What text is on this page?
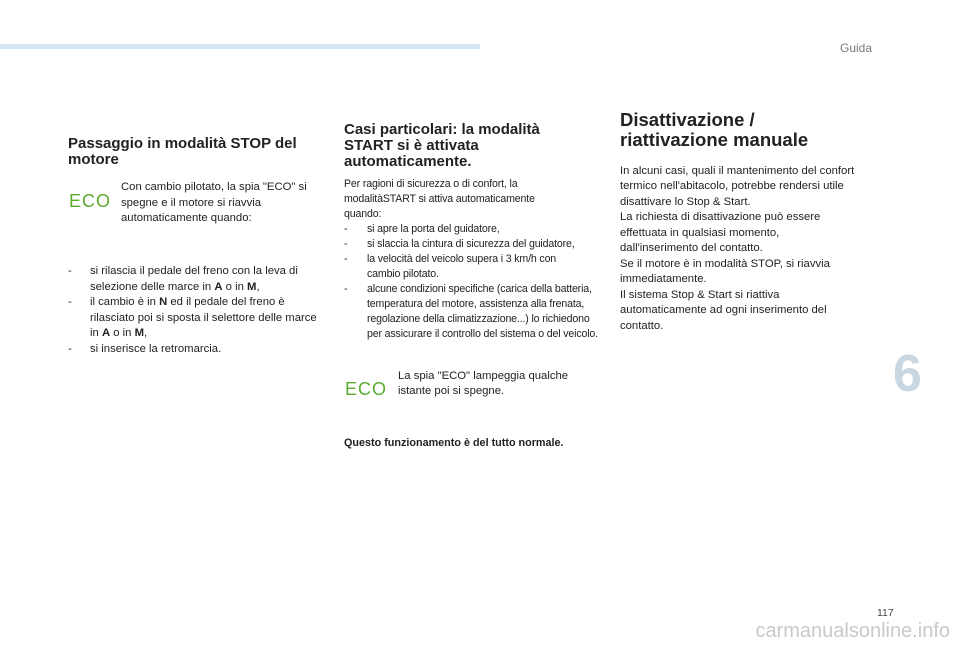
Guida
Passaggio in modalità STOP del motore
ECO

Con cambio pilotato, la spia "ECO" si spegne e il motore si riavvia automaticamente quando:

- si rilascia il pedale del freno con la leva di selezione delle marce in A o in M,
- il cambio è in N ed il pedale del freno è rilasciato poi si sposta il selettore delle marce in A o in M,
- si inserisce la retromarcia.
Casi particolari: la modalità START si è attivata automaticamente.

Per ragioni di sicurezza o di confort, la modalitàSTART si attiva automaticamente quando:

- si apre la porta del guidatore,
- si slaccia la cintura di sicurezza del guidatore,
- la velocità del veicolo supera i 3 km/h con cambio pilotato.
- alcune condizioni specifiche (carica della batteria, temperatura del motore, assistenza alla frenata, regolazione della climatizzazione...) lo richiedono per assicurare il controllo del sistema o del veicolo.
ECO

La spia "ECO" lampeggia qualche istante poi si spegne.

Questo funzionamento è del tutto normale.

Disattivazione / riattivazione manuale

In alcuni casi, quali il mantenimento del confort termico nell'abitacolo, potrebbe rendersi utile disattivare lo Stop & Start.

La richiesta di disattivazione può essere effettuata in qualsiasi momento, dall'inserimento del contatto.

Se il motore è in modalità STOP, si riavvia immediatamente.

Il sistema Stop & Start si riattiva automaticamente ad ogni inserimento del contatto.

6
117
carmanualsonline.info
